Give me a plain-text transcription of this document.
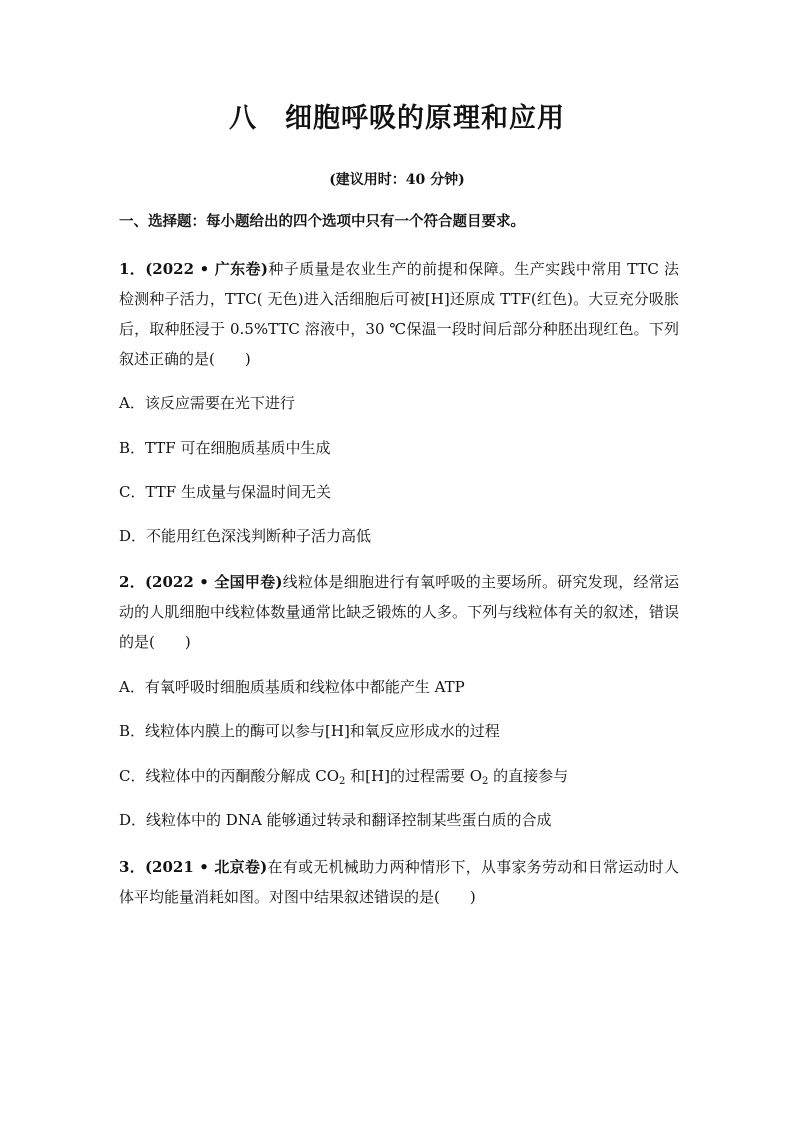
八　细胞呼吸的原理和应用
(建议用时：40 分钟)
一、选择题：每小题给出的四个选项中只有一个符合题目要求。
1．(2022 • 广东卷)种子质量是农业生产的前提和保障。生产实践中常用 TTC 法检测种子活力，TTC( 无色)进入活细胞后可被[H]还原成 TTF(红色)。大豆充分吸胀后，取种胚浸于 0.5%TTC 溶液中，30 ℃保温一段时间后部分种胚出现红色。下列叙述正确的是(　　)
A．该反应需要在光下进行
B．TTF 可在细胞质基质中生成
C．TTF 生成量与保温时间无关
D．不能用红色深浅判断种子活力高低
2．(2022 • 全国甲卷)线粒体是细胞进行有氧呼吸的主要场所。研究发现，经常运动的人肌细胞中线粒体数量通常比缺乏锻炼的人多。下列与线粒体有关的叙述，错误的是(　　)
A．有氧呼吸时细胞质基质和线粒体中都能产生 ATP
B．线粒体内膜上的酶可以参与[H]和氧反应形成水的过程
C．线粒体中的丙酮酸分解成 $CO_2$ 和[H]的过程需要 $O_2$ 的直接参与
D．线粒体中的 DNA 能够通过转录和翻译控制某些蛋白质的合成
3．(2021 • 北京卷)在有或无机械助力两种情形下，从事家务劳动和日常运动时人体平均能量消耗如图。对图中结果叙述错误的是(　　)
